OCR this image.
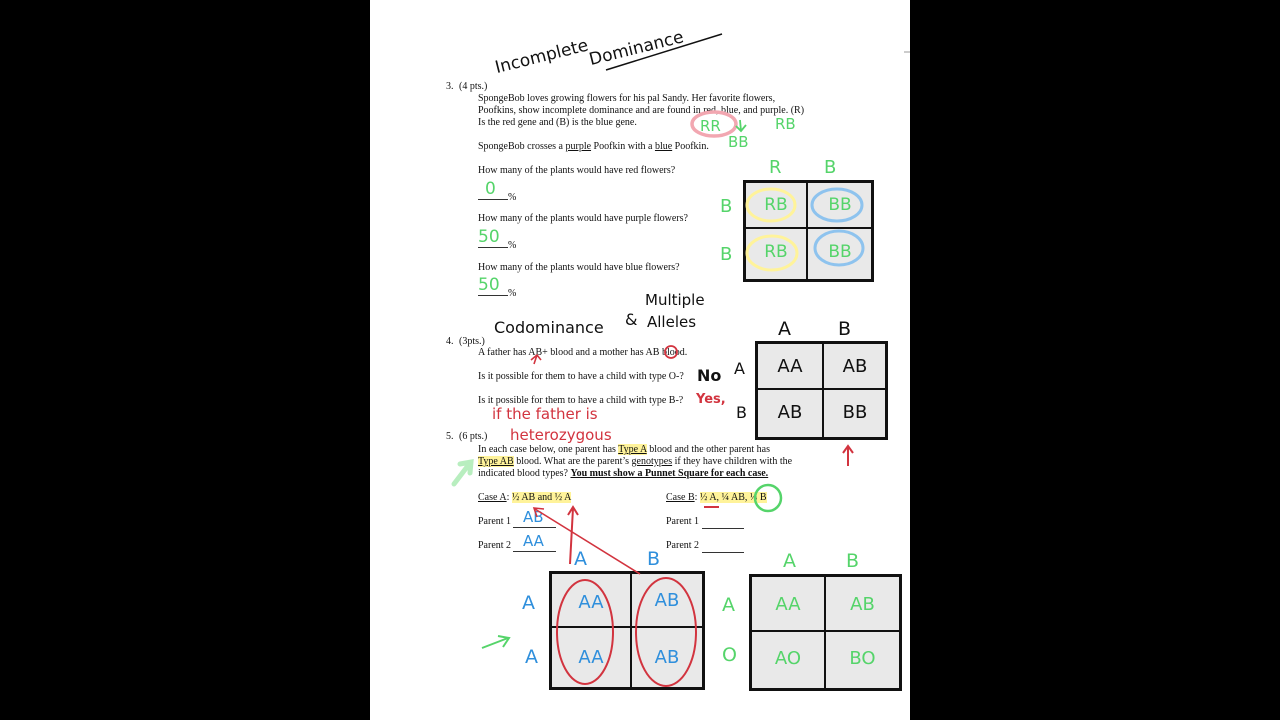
Incomplete
Dominance
3. (4 pts.)
SpongeBob loves growing flowers for his pal Sandy. Her favorite flowers,
Poofkins, show incomplete dominance and are found in red, blue, and purple. (R)
Is the red gene and (B) is the blue gene.
SpongeBob crosses a purple Poofkin with a blue Poofkin.
How many of the plants would have red flowers?
0 %
How many of the plants would have purple flowers?
50 %
How many of the plants would have blue flowers?
50 %
RR	RB
BB
R B
B
B
RB	BB
RB	BB
Codominance &
Multiple
Alleles
4. (3pts.)
A father has AB+ blood and a mother has AB blood.
Is it possible for them to have a child with type O-? No
Is it possible for them to have a child with type B-? Yes,
if the father is
heterozygous
A B
A
B
AA	AB
AB	BB
5. (6 pts.)
In each case below, one parent has Type A blood and the other parent has
Type AB blood. What are the parent’s genotypes if they have children with the
indicated blood types? You must show a Punnet Square for each case.
Case A: ½ AB and ½ A	Case B: ½ A, ¼ AB, ¼ B
Parent 1 AB
Parent 2 AA
Parent 1
Parent 2
A	B
A
A
AA	AB
AA	AB
A	B
A
O
AA	AB
AO	BO
